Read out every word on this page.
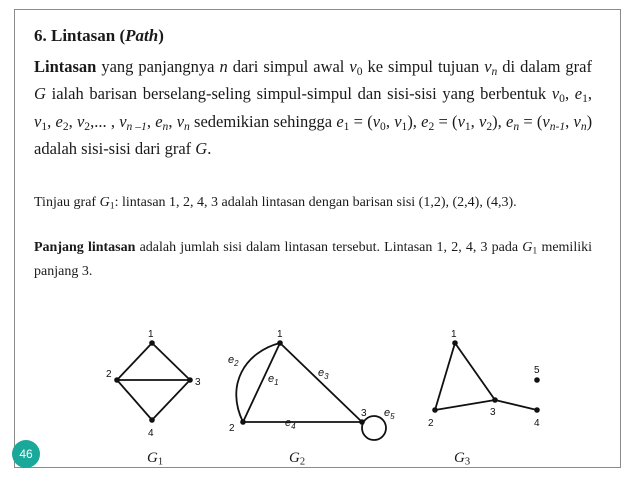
6. Lintasan (Path)

Lintasan yang panjangnya n dari simpul awal $v_0$ ke simpul tujuan $v_n$ di dalam graf G ialah barisan berselang-seling simpul-simpul dan sisi-sisi yang berbentuk $v_0$, $e_1$, $v_1$, $e_2$, $v_2$,... , $v_{n -1}$, $e_n$, $v_n$ sedemikian sehingga $e_1 = (v_0$, $v_1$), $e_2 = (v_1$, $v_2$), $e_n = (v_{n-1}$, $v_n$) adalah sisi-sisi dari graf G.

Tinjau graf $G_1$: lintasan 1, 2, 4, 3 adalah lintasan dengan barisan sisi (1,2), (2,4), (4,3).

Panjang lintasan adalah jumlah sisi dalam lintasan tersebut. Lintasan 1, 2, 4, 3 pada $G_1$ memiliki panjang 3.

1
2
3
4
1
2
3
1
2
3
4
5
$e_2$
$e_1$
$e_3$
$e_4$
$e_5$
$G_1$	$G_2$	$G_3$
46
